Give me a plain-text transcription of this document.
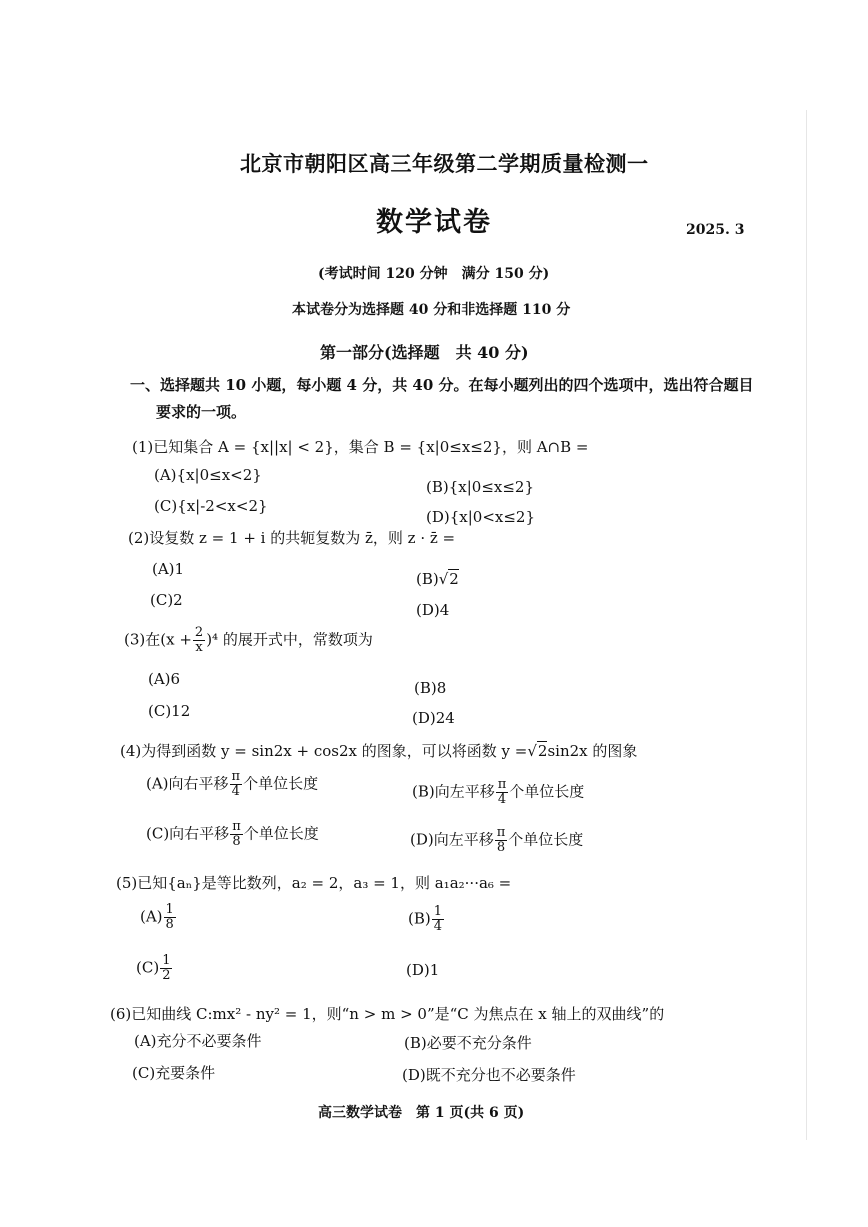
北京市朝阳区高三年级第二学期质量检测一
数学试卷	2025. 3
(考试时间 120 分钟　满分 150 分)
本试卷分为选择题 40 分和非选择题 110 分
第一部分(选择题　共 40 分)
一、选择题共 10 小题，每小题 4 分，共 40 分。在每小题列出的四个选项中，选出符合题目
要求的一项。
(1)已知集合 A = {x||x| < 2}，集合 B = {x|0≤x≤2}，则 A∩B =
(A){x|0≤x<2}
(B){x|0≤x≤2}
(C){x|-2<x<2}
(D){x|0<x≤2}
(2)设复数 z = 1 + i 的共轭复数为 z̄，则 z · z̄ =
(A)1
(B)√2
(C)2
(D)4
(3)在$(x + \frac{2}{x} )^4$ 的展开式中，常数项为
(A)6	(B)8
(C)12	(D)24
(4)为得到函数 y = sin2x + cos2x 的图象，可以将函数 y =√2sin2x 的图象
(A)向右平移 $\frac{\pi}{4}$ 个单位长度	(B)向左平移 $\frac{\pi}{4}$ 个单位长度
(C)向右平移 $\frac{\pi}{8}$ 个单位长度	(D)向左平移 $\frac{\pi}{8}$ 个单位长度
(5)已知{aₙ}是等比数列，a₂ = 2，a₃ = 1，则 a₁a₂···a₆ =
$(A) \frac{1}{8}$	$(B) \frac{1}{4}$
$(C) \frac{1}{2}$	(D)1
(6)已知曲线 C:mx² - ny² = 1，则“n > m > 0”是“C 为焦点在 x 轴上的双曲线”的
(A)充分不必要条件	(B)必要不充分条件
(C)充要条件	(D)既不充分也不必要条件
高三数学试卷　第 1 页(共 6 页)
